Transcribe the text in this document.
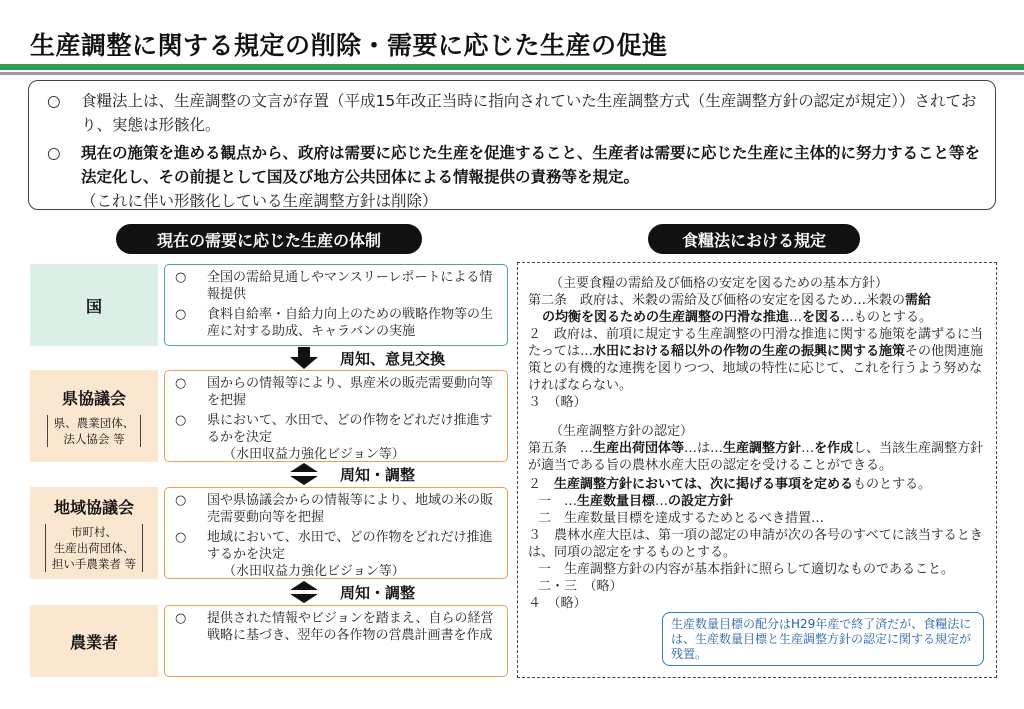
生産調整に関する規定の削除・需要に応じた生産の促進
○ 食糧法上は、生産調整の文言が存置（平成15年改正当時に指向されていた生産調整方式（生産調整方針の認定が規定））されており、実態は形骸化。
○ 現在の施策を進める観点から、政府は需要に応じた生産を促進すること、生産者は需要に応じた生産に主体的に努力すること等を法定化し、その前提として国及び地方公共団体による情報提供の責務等を規定。
（これに伴い形骸化している生産調整方針は削除）
現在の需要に応じた生産の体制	食糧法における規定
国
○ 全国の需給見通しやマンスリーレポートによる情報提供
○ 食料自給率・自給力向上のための戦略作物等の生産に対する助成、キャラバンの実施
周知、意見交換
県協議会
県、農業団体、
法人協会 等
○ 国からの情報等により、県産米の販売需要動向等を把握
○ 県において、水田で、どの作物をどれだけ推進するかを決定
（水田収益力強化ビジョン等）
周知・調整
地域協議会
市町村、
生産出荷団体、
担い手農業者 等
○ 国や県協議会からの情報等により、地域の米の販売需要動向等を把握
○ 地域において、水田で、どの作物をどれだけ推進するかを決定
（水田収益力強化ビジョン等）
周知・調整
農業者
○ 提供された情報やビジョンを踏まえ、自らの経営戦略に基づき、翌年の各作物の営農計画書を作成
（主要食糧の需給及び価格の安定を図るための基本方針）
第二条　政府は、米穀の需給及び価格の安定を図るため…米穀の需給
の均衡を図るための生産調整の円滑な推進…を図る…ものとする。
２　政府は、前項に規定する生産調整の円滑な推進に関する施策を講ずるに当たっては…水田における稲以外の作物の生産の振興に関する施策その他関連施策との有機的な連携を図りつつ、地域の特性に応じて、これを行うよう努めなければならない。
３　（略）
（生産調整方針の認定）
第五条　…生産出荷団体等…は…生産調整方針…を作成し、当該生産調整方針が適当である旨の農林水産大臣の認定を受けることができる。
２　生産調整方針においては、次に掲げる事項を定めるものとする。
一　…生産数量目標…の設定方針
二　生産数量目標を達成するためとるべき措置…
３　農林水産大臣は、第一項の認定の申請が次の各号のすべてに該当するときは、同項の認定をするものとする。
一　生産調整方針の内容が基本指針に照らして適切なものであること。
二・三　（略）
４　（略）
生産数量目標の配分はH29年産で終了済だが、食糧法には、生産数量目標と生産調整方針の認定に関する規定が残置。
